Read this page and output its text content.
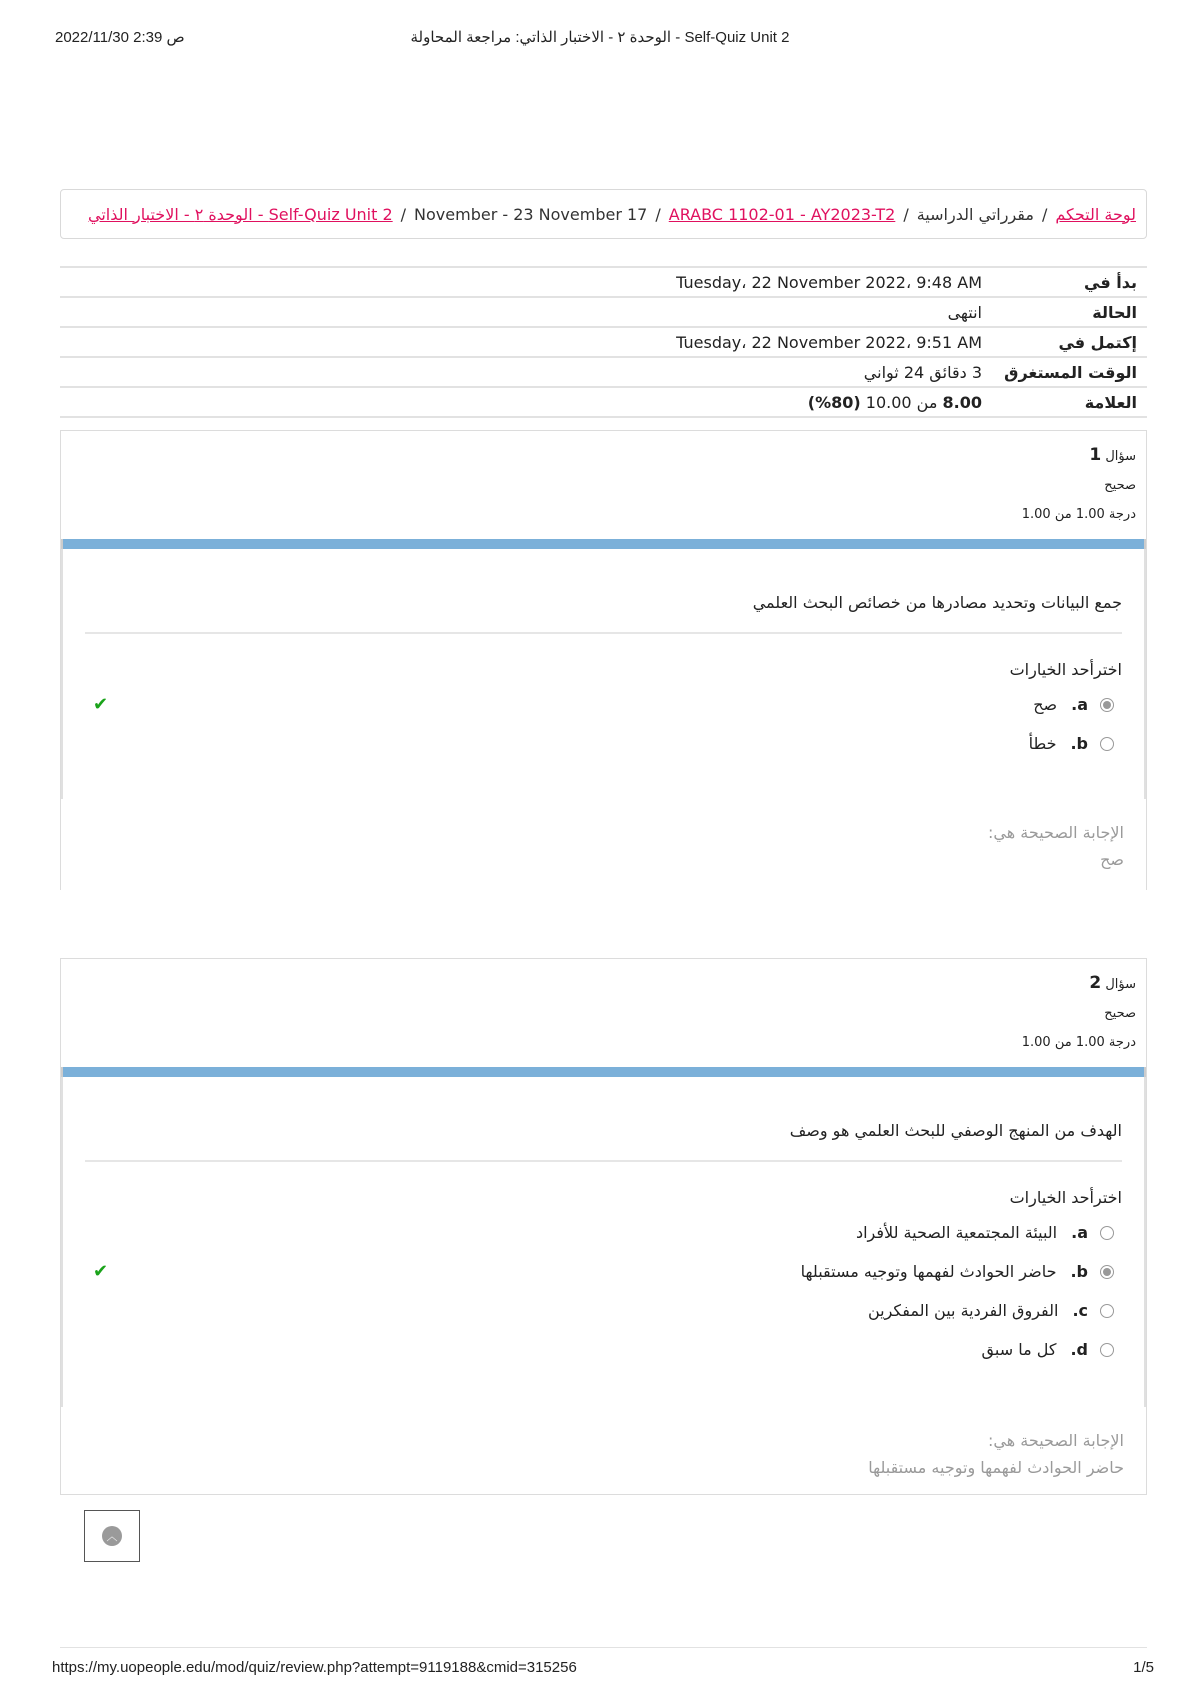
2022/11/30 2:39 ص	الوحدة ٢ - الاختبار الذاتي: مراجعة المحاولة - Self-Quiz Unit 2
لوحة التحكم
/
مقرراتي الدراسية
/
ARABC 1102-01 - AY2023-T2
/
17 November - 23 November
/
Self-Quiz Unit 2 - الوحدة ٢ - الاختبار الذاتي
بدأ في
Tuesday، 22 November 2022، 9:48 AM
الحالة
انتهى
إكتمل في
Tuesday، 22 November 2022، 9:51 AM
الوقت المستغرق
3 دقائق 24 ثواني
العلامة
8.00 من 10.00 (80%)
سؤال 1
صحيح
درجة 1.00 من 1.00
جمع البيانات وتحديد مصادرها من خصائص البحث العلمي
اخترأحد الخيارات
a.
صح
✔
b.
خطأ
الإجابة الصحيحة هي:
صح
سؤال 2
صحيح
درجة 1.00 من 1.00
الهدف من المنهج الوصفي للبحث العلمي هو وصف
اخترأحد الخيارات
a.
البيئة المجتمعية الصحية للأفراد
b.
حاضر الحوادث لفهمها وتوجيه مستقبلها
✔
c.
الفروق الفردية بين المفكرين
d.
كل ما سبق
الإجابة الصحيحة هي:
حاضر الحوادث لفهمها وتوجيه مستقبلها
︿
https://my.uopeople.edu/mod/quiz/review.php?attempt=9119188&cmid=315256	1/5
